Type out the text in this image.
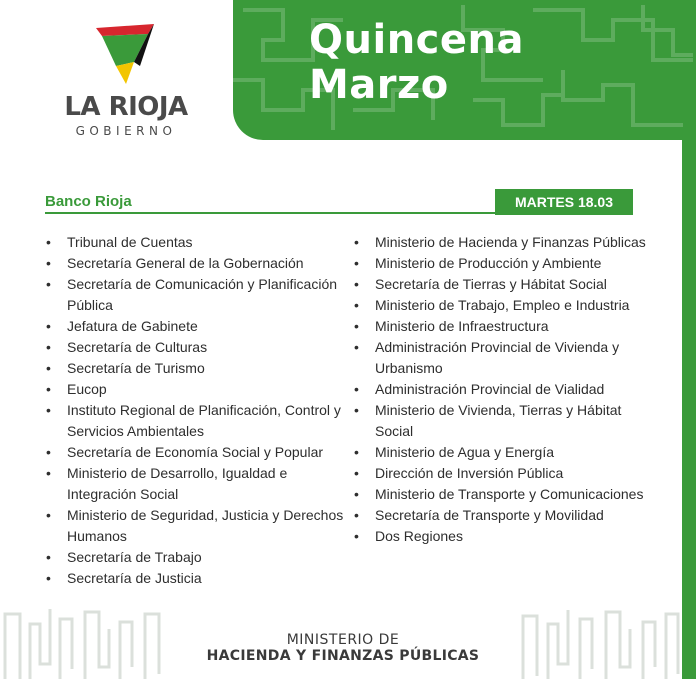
Quincena
Marzo
LA RIOJA
GOBIERNO
Banco Rioja	MARTES 18.03
• Tribunal de Cuentas
• Secretaría General de la Gobernación
• Secretaría de Comunicación y Planificación Pública
• Jefatura de Gabinete
• Secretaría de Culturas
• Secretaría de Turismo
• Eucop
• Instituto Regional de Planificación, Control y Servicios Ambientales
• Secretaría de Economía Social y Popular
• Ministerio de Desarrollo, Igualdad e Integración Social
• Ministerio de Seguridad, Justicia y Derechos Humanos
• Secretaría de Trabajo
• Secretaría de Justicia
• Ministerio de Hacienda y Finanzas Públicas
• Ministerio de Producción y Ambiente
• Secretaría de Tierras y Hábitat Social
• Ministerio de Trabajo, Empleo e Industria
• Ministerio de Infraestructura
• Administración Provincial de Vivienda y Urbanismo
• Administración Provincial de Vialidad
• Ministerio de Vivienda, Tierras y Hábitat Social
• Ministerio de Agua y Energía
• Dirección de Inversión Pública
• Ministerio de Transporte y Comunicaciones
• Secretaría de Transporte y Movilidad
• Dos Regiones
MINISTERIO DE
HACIENDA Y FINANZAS PÚBLICAS
